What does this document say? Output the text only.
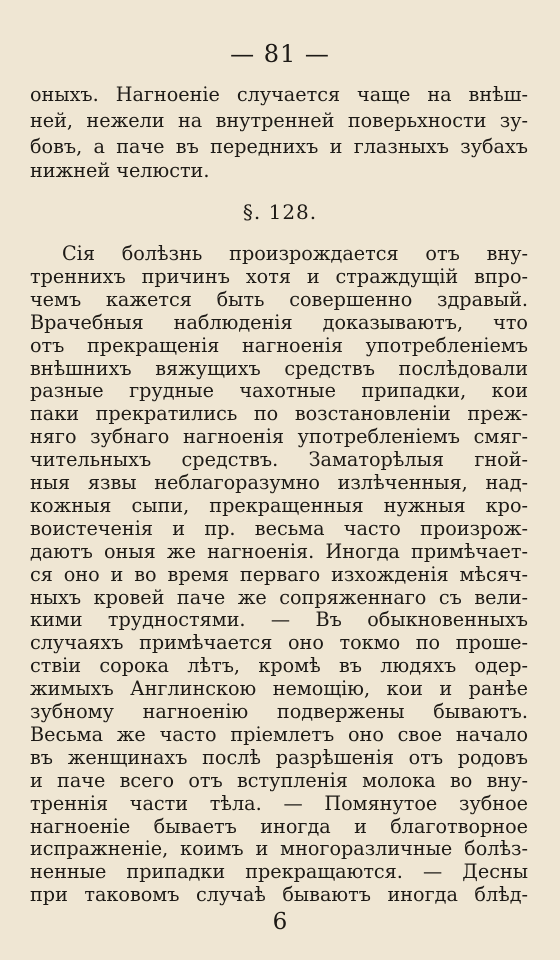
— 81 —
оныхъ. Нагноеніе случается чаще на внѣш-
ней, нежели на внутренней поверьхности зу-
бовъ, а паче въ переднихъ и глазныхъ зубахъ
нижней челюсти.
§. 128.
Сія болѣзнь произрождается отъ вну-
треннихъ причинъ хотя и страждущій впро-
чемъ кажется быть совершенно здравый.
Врачебныя наблюденія доказываютъ, что
отъ прекращенія нагноенія употребленіемъ
внѣшнихъ вяжущихъ средствъ послѣдовали
разные грудные чахотные припадки, кои
паки прекратились по возстановленіи преж-
няго зубнаго нагноенія употребленіемъ смяг-
чительныхъ средствъ. Заматорѣлыя гной-
ныя язвы неблагоразумно излѣченныя, над-
кожныя сыпи, прекращенныя нужныя кро-
воистеченія и пр. весьма часто произрож-
даютъ оныя же нагноенія. Иногда примѣчает-
ся оно и во время перваго изхожденія мѣсяч-
ныхъ кровей паче же сопряженнаго съ вели-
кими трудностями. — Въ обыкновенныхъ
случаяхъ примѣчается оно токмо по проше-
ствіи сорока лѣтъ, кромѣ въ людяхъ одер-
жимыхъ Англинскою немощію, кои и ранѣе
зубному нагноенію подвержены бываютъ.
Весьма же часто пріемлетъ оно свое начало
въ женщинахъ послѣ разрѣшенія отъ родовъ
и паче всего отъ вступленія молока во вну-
треннія части тѣла. — Помянутое зубное
нагноеніе бываетъ иногда и благотворное
испражненіе, коимъ и многоразличные болѣз-
ненные припадки прекращаются. — Десны
при таковомъ случаѣ бываютъ иногда блѣд-
6
